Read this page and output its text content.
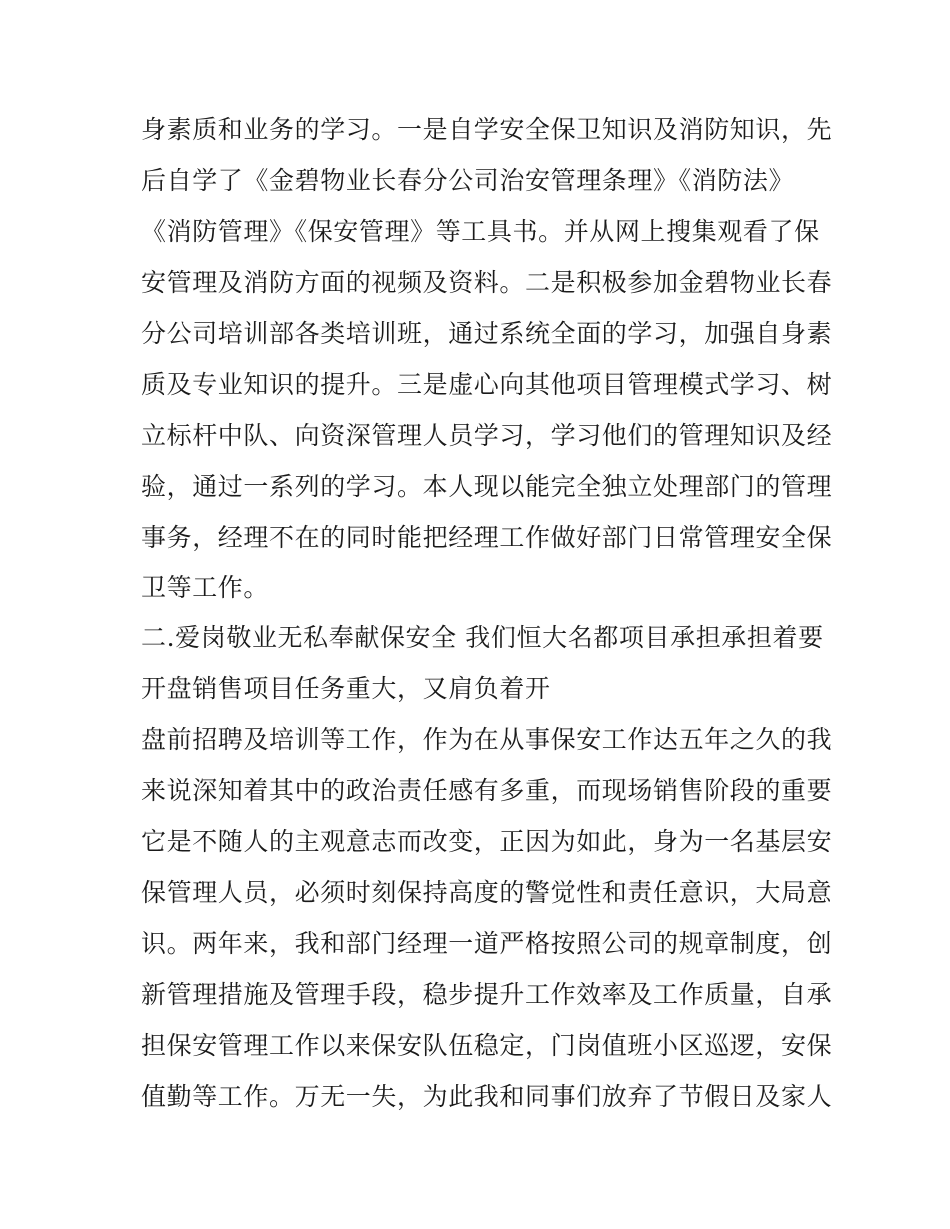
身素质和业务的学习。一是自学安全保卫知识及消防知识，先
后自学了《金碧物业长春分公司治安管理条理》《消防法》
《消防管理》《保安管理》等工具书。并从网上搜集观看了保
安管理及消防方面的视频及资料。二是积极参加金碧物业长春
分公司培训部各类培训班，通过系统全面的学习，加强自身素
质及专业知识的提升。三是虚心向其他项目管理模式学习、树
立标杆中队、向资深管理人员学习，学习他们的管理知识及经
验，通过一系列的学习。本人现以能完全独立处理部门的管理
事务，经理不在的同时能把经理工作做好部门日常管理安全保
卫等工作。
二.爱岗敬业无私奉献保安全 我们恒大名都项目承担承担着要
开盘销售项目任务重大，又肩负着开
盘前招聘及培训等工作，作为在从事保安工作达五年之久的我
来说深知着其中的政治责任感有多重，而现场销售阶段的重要
它是不随人的主观意志而改变，正因为如此，身为一名基层安
保管理人员，必须时刻保持高度的警觉性和责任意识，大局意
识。两年来，我和部门经理一道严格按照公司的规章制度，创
新管理措施及管理手段，稳步提升工作效率及工作质量，自承
担保安管理工作以来保安队伍稳定，门岗值班小区巡逻，安保
值勤等工作。万无一失，为此我和同事们放弃了节假日及家人
